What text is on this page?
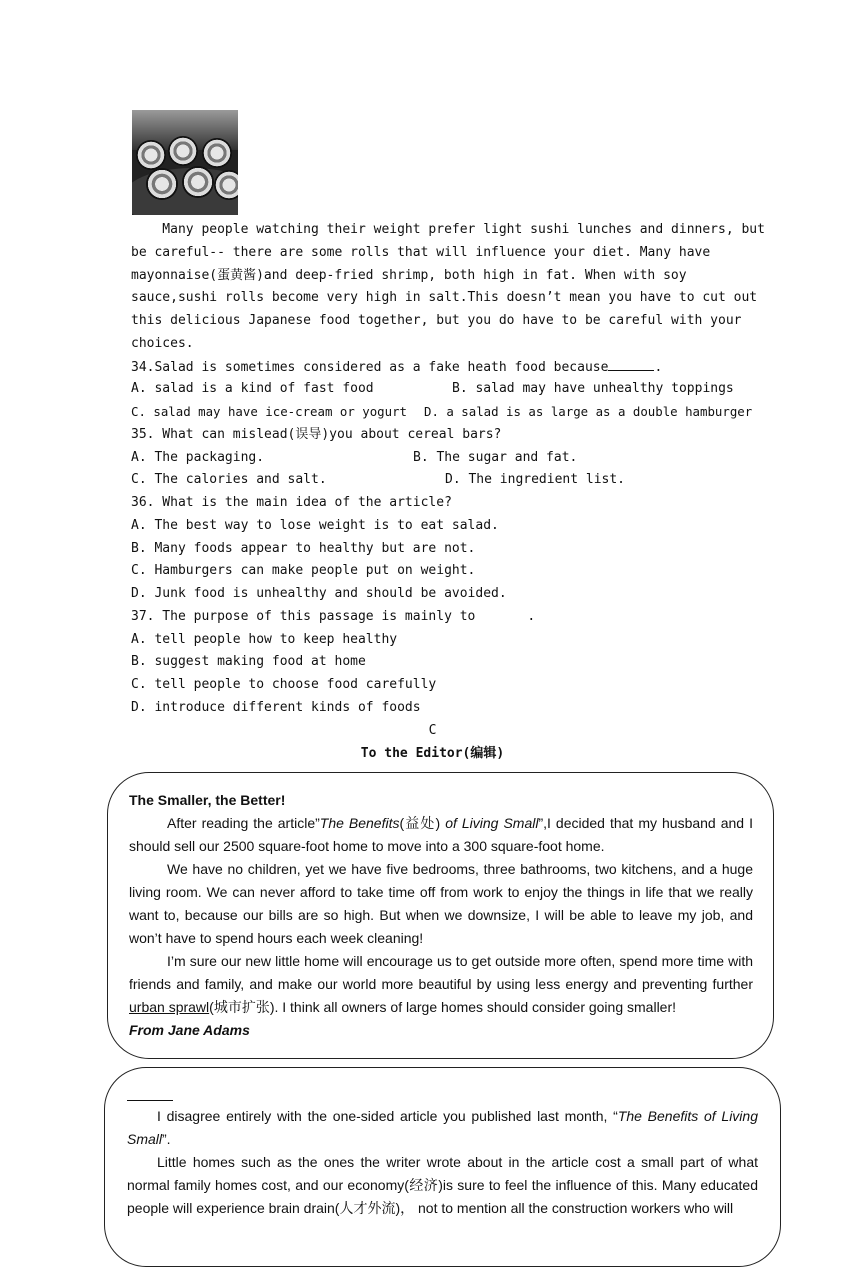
Many people watching their weight prefer light sushi lunches and dinners, but
be careful-- there are some rolls that will influence your diet. Many have
mayonnaise(蛋黄酱)and deep-fried shrimp, both high in fat. When with soy
sauce,sushi rolls become very high in salt.This doesn’t mean you have to cut out
this delicious Japanese food together, but you do have to be careful with your
choices.
34.Salad is sometimes considered as a fake heath food because	.
A. salad is a kind of fast food	B. salad may have unhealthy toppings
C. salad may have ice-cream or yogurt D. a salad is as large as a double hamburger
35. What can mislead(误导)you about cereal bars?
A. The packaging.	B. The sugar and fat.
C. The calories and salt.	D. The ingredient list.
36. What is the main idea of the article?
A. The best way to lose weight is to eat salad.
B. Many foods appear to healthy but are not.
C. Hamburgers can make people put on weight.
D. Junk food is unhealthy and should be avoided.
37. The purpose of this passage is mainly to	.
A. tell people how to keep healthy
B. suggest making food at home
C. tell people to choose food carefully
D. introduce different kinds of foods
C
To the Editor(编辑)

The Smaller, the Better!

After reading the article”The Benefits(益处) of Living Small”,I decided that my husband and I should sell our 2500 square-foot home to move into a 300 square-foot home.

We have no children, yet we have five bedrooms, three bathrooms, two kitchens, and a huge living room. We can never afford to take time off from work to enjoy the things in life that we really want to, because our bills are so high. But when we downsize, I will be able to leave my job, and won’t have to spend hours each week cleaning!

I’m sure our new little home will encourage us to get outside more often, spend more time with friends and family, and make our world more beautiful by using less energy and preventing further urban sprawl(城市扩张). I think all owners of large homes should consider going smaller!

From Jane Adams

I disagree entirely with the one-sided article you published last month, “The Benefits of Living Small”.

Little homes such as the ones the writer wrote about in the article cost a small part of what normal family homes cost, and our economy(经济)is sure to feel the influence of this. Many educated people will experience brain drain(人才外流)， not to mention all the construction workers who will
